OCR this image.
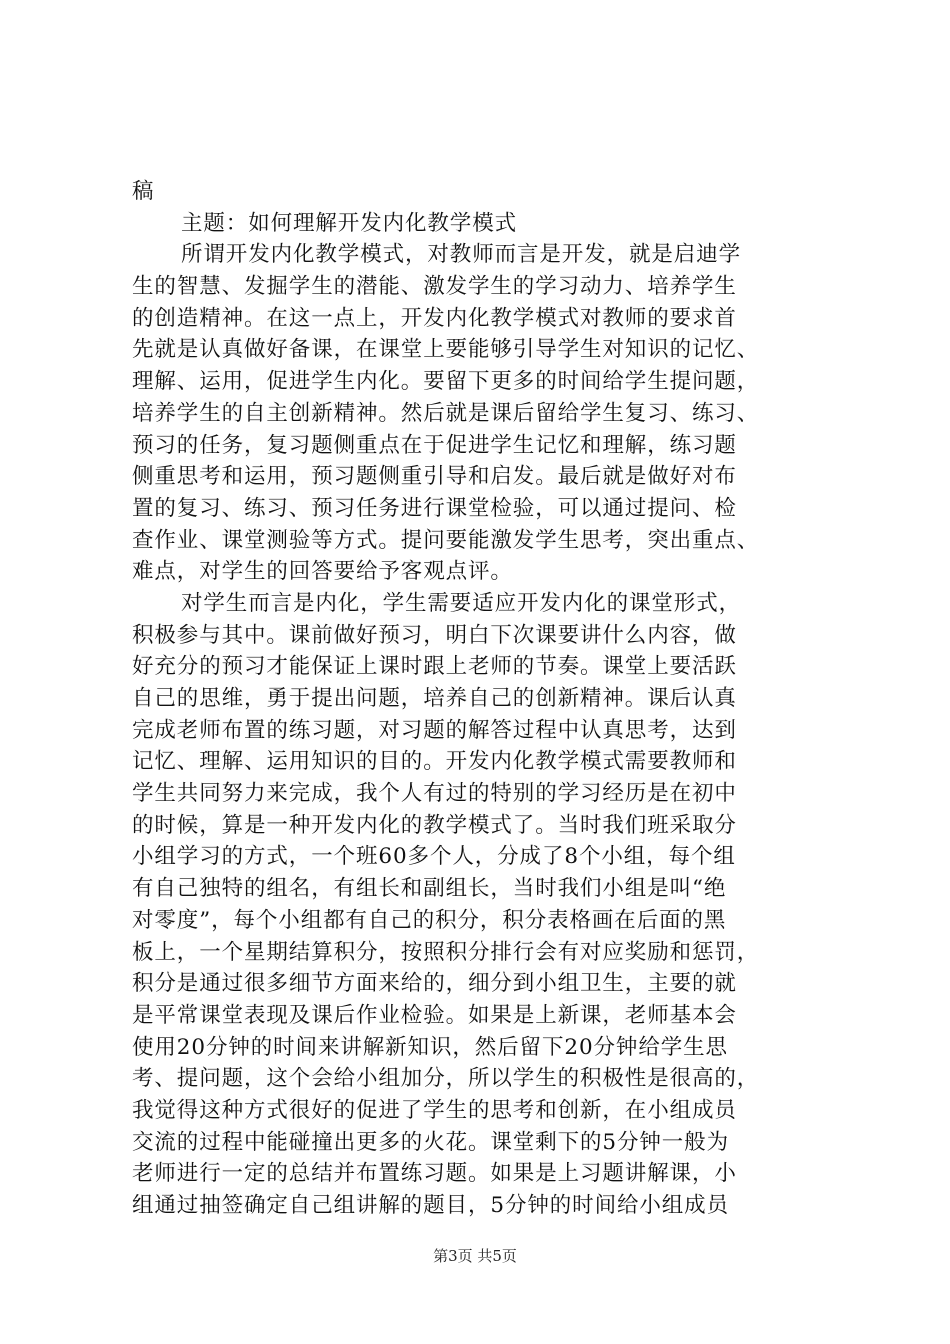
稿
主题：如何理解开发内化教学模式
所谓开发内化教学模式，对教师而言是开发，就是启迪学
生的智慧、发掘学生的潜能、激发学生的学习动力、培养学生
的创造精神。在这一点上，开发内化教学模式对教师的要求首
先就是认真做好备课，在课堂上要能够引导学生对知识的记忆、
理解、运用，促进学生内化。要留下更多的时间给学生提问题，
培养学生的自主创新精神。然后就是课后留给学生复习、练习、
预习的任务，复习题侧重点在于促进学生记忆和理解，练习题
侧重思考和运用，预习题侧重引导和启发。最后就是做好对布
置的复习、练习、预习任务进行课堂检验，可以通过提问、检
查作业、课堂测验等方式。提问要能激发学生思考，突出重点、
难点，对学生的回答要给予客观点评。
对学生而言是内化，学生需要适应开发内化的课堂形式，
积极参与其中。课前做好预习，明白下次课要讲什么内容，做
好充分的预习才能保证上课时跟上老师的节奏。课堂上要活跃
自己的思维，勇于提出问题，培养自己的创新精神。课后认真
完成老师布置的练习题，对习题的解答过程中认真思考，达到
记忆、理解、运用知识的目的。开发内化教学模式需要教师和
学生共同努力来完成，我个人有过的特别的学习经历是在初中
的时候，算是一种开发内化的教学模式了。当时我们班采取分
小组学习的方式，一个班60多个人，分成了8个小组，每个组
有自己独特的组名，有组长和副组长，当时我们小组是叫“绝
对零度”，每个小组都有自己的积分，积分表格画在后面的黑
板上，一个星期结算积分，按照积分排行会有对应奖励和惩罚，
积分是通过很多细节方面来给的，细分到小组卫生，主要的就
是平常课堂表现及课后作业检验。如果是上新课，老师基本会
使用20分钟的时间来讲解新知识，然后留下20分钟给学生思
考、提问题，这个会给小组加分，所以学生的积极性是很高的，
我觉得这种方式很好的促进了学生的思考和创新，在小组成员
交流的过程中能碰撞出更多的火花。课堂剩下的5分钟一般为
老师进行一定的总结并布置练习题。如果是上习题讲解课，小
组通过抽签确定自己组讲解的题目，5分钟的时间给小组成员
第3页 共5页
